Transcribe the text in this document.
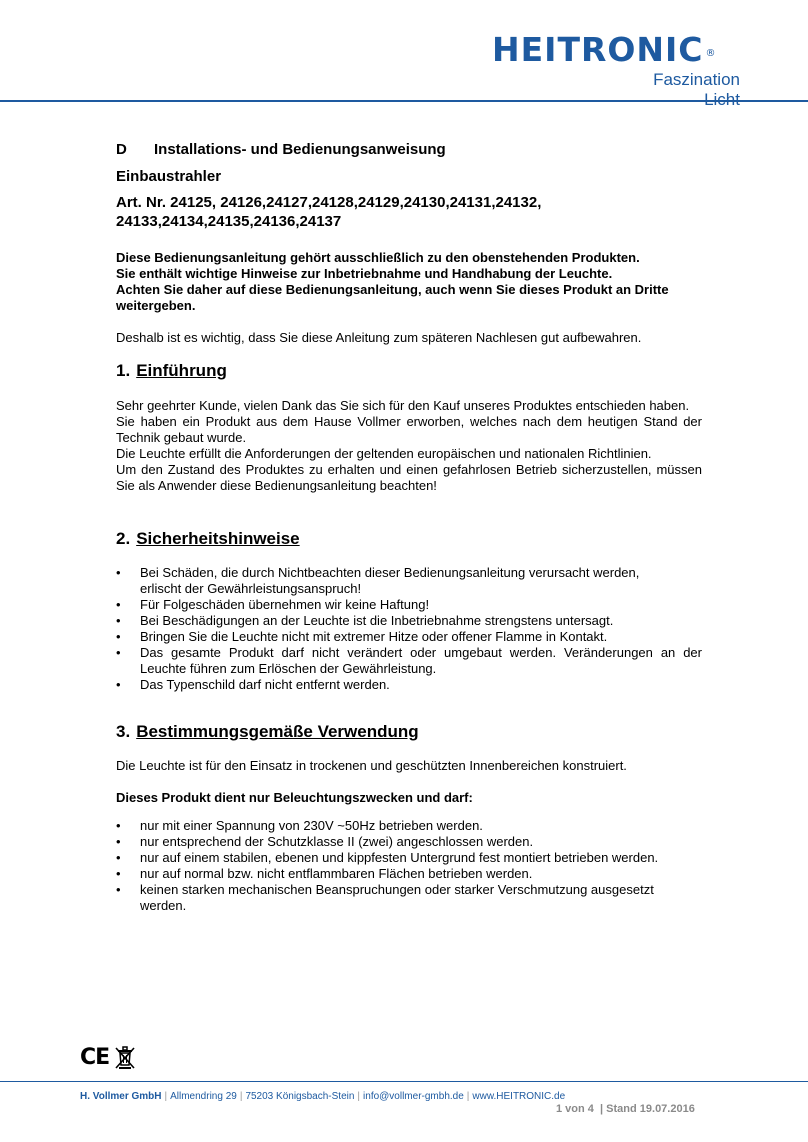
HEITRONIC ®
Faszination
D	Installations- und Bedienungsanweisung
Einbaustrahler
Art. Nr. 24125, 24126,24127,24128,24129,24130,24131,24132,
24133,24134,24135,24136,24137
Diese Bedienungsanleitung gehört ausschließlich zu den obenstehenden Produkten.
Sie enthält wichtige Hinweise zur Inbetriebnahme und Handhabung der Leuchte.
Achten Sie daher auf diese Bedienungsanleitung, auch wenn Sie dieses Produkt an Dritte weitergeben.
Deshalb ist es wichtig, dass Sie diese Anleitung zum späteren Nachlesen gut aufbewahren.
1. Einführung
Sehr geehrter Kunde, vielen Dank das Sie sich für den Kauf unseres Produktes entschieden haben.
Sie haben ein Produkt aus dem Hause Vollmer erworben, welches nach dem heutigen Stand der Technik gebaut wurde.
Die Leuchte erfüllt die Anforderungen der geltenden europäischen und nationalen Richtlinien.
Um den Zustand des Produktes zu erhalten und einen gefahrlosen Betrieb sicherzustellen, müssen Sie als Anwender diese Bedienungsanleitung beachten!
2. Sicherheitshinweise
• Bei Schäden, die durch Nichtbeachten dieser Bedienungsanleitung verursacht werden,
erlischt der Gewährleistungsanspruch!
• Für Folgeschäden übernehmen wir keine Haftung!
• Bei Beschädigungen an der Leuchte ist die Inbetriebnahme strengstens untersagt.
• Bringen Sie die Leuchte nicht mit extremer Hitze oder offener Flamme in Kontakt.
• Das gesamte Produkt darf nicht verändert oder umgebaut werden. Veränderungen an der Leuchte führen zum Erlöschen der Gewährleistung.
• Das Typenschild darf nicht entfernt werden.
3. Bestimmungsgemäße Verwendung
Die Leuchte ist für den Einsatz in trockenen und geschützten Innenbereichen konstruiert.
Dieses Produkt dient nur Beleuchtungszwecken und darf:
• nur mit einer Spannung von 230V ~50Hz betrieben werden.
• nur entsprechend der Schutzklasse II (zwei) angeschlossen werden.
• nur auf einem stabilen, ebenen und kippfesten Untergrund fest montiert betrieben werden.
• nur auf normal bzw. nicht entflammbaren Flächen betrieben werden.
• keinen starken mechanischen Beanspruchungen oder starker Verschmutzung ausgesetzt werden.
CE
H. Vollmer GmbH | Allmendring 29 | 75203 Königsbach-Stein | info@vollmer-gmbh.de | www.HEITRONIC.de
1 von 4 | Stand 19.07.2016
